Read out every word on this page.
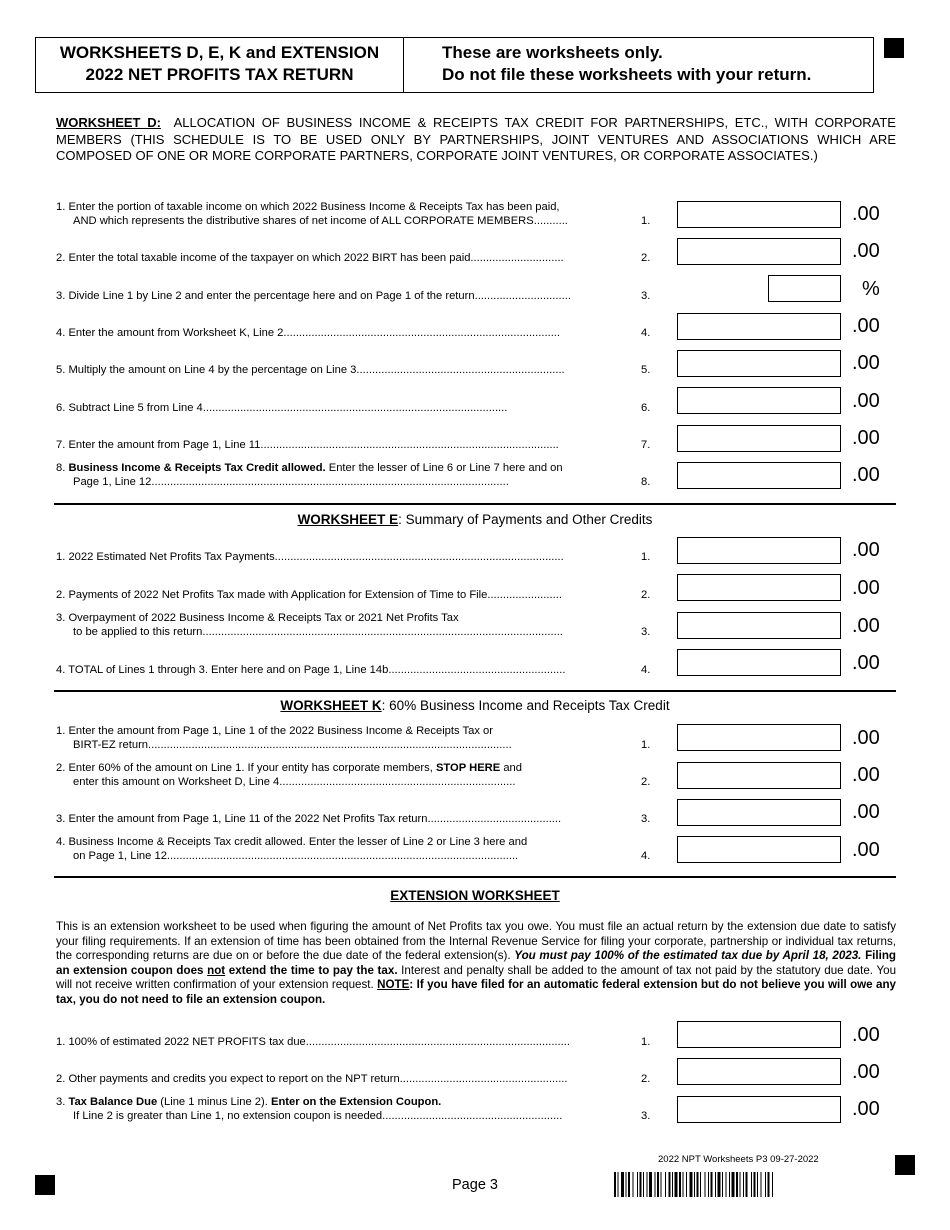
WORKSHEETS D, E, K and EXTENSION
2022 NET PROFITS TAX RETURN
These are worksheets only.
Do not file these worksheets with your return.
WORKSHEET D: ALLOCATION OF BUSINESS INCOME & RECEIPTS TAX CREDIT FOR PARTNERSHIPS, ETC., WITH CORPORATE MEMBERS (THIS SCHEDULE IS TO BE USED ONLY BY PARTNERSHIPS, JOINT VENTURES AND ASSOCIATIONS WHICH ARE COMPOSED OF ONE OR MORE CORPORATE PARTNERS, CORPORATE JOINT VENTURES, OR CORPORATE ASSOCIATES.)
1. Enter the portion of taxable income on which 2022 Business Income & Receipts Tax has been paid,
AND which represents the distributive shares of net income of ALL CORPORATE MEMBERS...........	1.	.00
2. Enter the total taxable income of the taxpayer on which 2022 BIRT has been paid..............................	2.	.00
3. Divide Line 1 by Line 2 and enter the percentage here and on Page 1 of the return...............................	3.	%
4. Enter the amount from Worksheet K, Line 2.........................................................................................	4.	.00
5. Multiply the amount on Line 4 by the percentage on Line 3...................................................................	5.	.00
6. Subtract Line 5 from Line 4..................................................................................................	6.	.00
7. Enter the amount from Page 1, Line 11................................................................................................	7.	.00
8. Business Income & Receipts Tax Credit allowed. Enter the lesser of Line 6 or Line 7 here and on
Page 1, Line 12...................................................................................................................	8.	.00
WORKSHEET E: Summary of Payments and Other Credits
1. 2022 Estimated Net Profits Tax Payments.............................................................................................	1.	.00
2. Payments of 2022 Net Profits Tax made with Application for Extension of Time to File........................	2.	.00
3. Overpayment of 2022 Business Income & Receipts Tax or 2021 Net Profits Tax
to be applied to this return....................................................................................................................	3.	.00
4. TOTAL of Lines 1 through 3. Enter here and on Page 1, Line 14b.........................................................	4.	.00
WORKSHEET K: 60% Business Income and Receipts Tax Credit
1. Enter the amount from Page 1, Line 1 of the 2022 Business Income & Receipts Tax or
BIRT-EZ return.....................................................................................................................	1.	.00
2. Enter 60% of the amount on Line 1. If your entity has corporate members, STOP HERE and
enter this amount on Worksheet D, Line 4............................................................................	2.	.00
3. Enter the amount from Page 1, Line 11 of the 2022 Net Profits Tax return...........................................	3.	.00
4. Business Income & Receipts Tax credit allowed. Enter the lesser of Line 2 or Line 3 here and
on Page 1, Line 12.................................................................................................................	4.	.00
EXTENSION WORKSHEET
This is an extension worksheet to be used when figuring the amount of Net Profits tax you owe. You must file an actual return by the extension due date to satisfy your filing requirements. If an extension of time has been obtained from the Internal Revenue Service for filing your corporate, partnership or individual tax returns, the corresponding returns are due on or before the due date of the federal extension(s). You must pay 100% of the estimated tax due by April 18, 2023. Filing an extension coupon does not extend the time to pay the tax. Interest and penalty shall be added to the amount of tax not paid by the statutory due date. You will not receive written confirmation of your extension request. NOTE: If you have filed for an automatic federal extension but do not believe you will owe any tax, you do not need to file an extension coupon.
1. 100% of estimated 2022 NET PROFITS tax due.....................................................................................	1.	.00
2. Other payments and credits you expect to report on the NPT return......................................................	2.	.00
3. Tax Balance Due (Line 1 minus Line 2). Enter on the Extension Coupon.
If Line 2 is greater than Line 1, no extension coupon is needed..........................................................	3.	.00
2022 NPT Worksheets P3 09-27-2022
Page 3
